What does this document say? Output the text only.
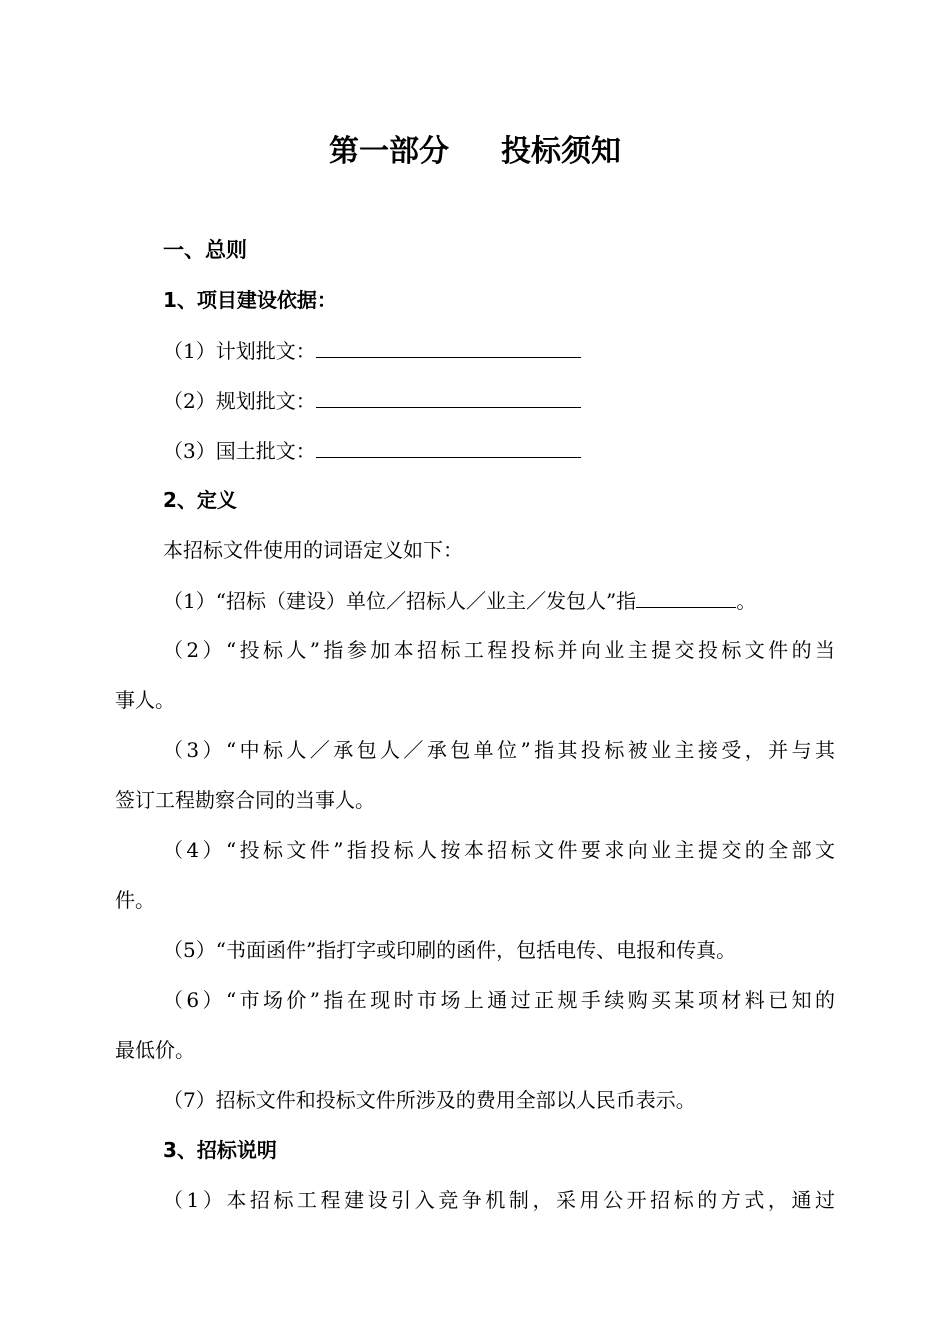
第一部分 投标须知
一、总则
1、项目建设依据：
（1）计划批文：
（2）规划批文：
（3）国土批文：
2、定义
本招标文件使用的词语定义如下：
（1）“招标（建设）单位／招标人／业主／发包人”指	。
（2）“投标人”指参加本招标工程投标并向业主提交投标文件的当
事人。
（3）“中标人／承包人／承包单位”指其投标被业主接受，并与其
签订工程勘察合同的当事人。
（4）“投标文件”指投标人按本招标文件要求向业主提交的全部文
件。
（5）“书面函件”指打字或印刷的函件，包括电传、电报和传真。
（6）“市场价”指在现时市场上通过正规手续购买某项材料已知的
最低价。
（7）招标文件和投标文件所涉及的费用全部以人民币表示。
3、招标说明
（1）本招标工程建设引入竞争机制，采用公开招标的方式，通过
